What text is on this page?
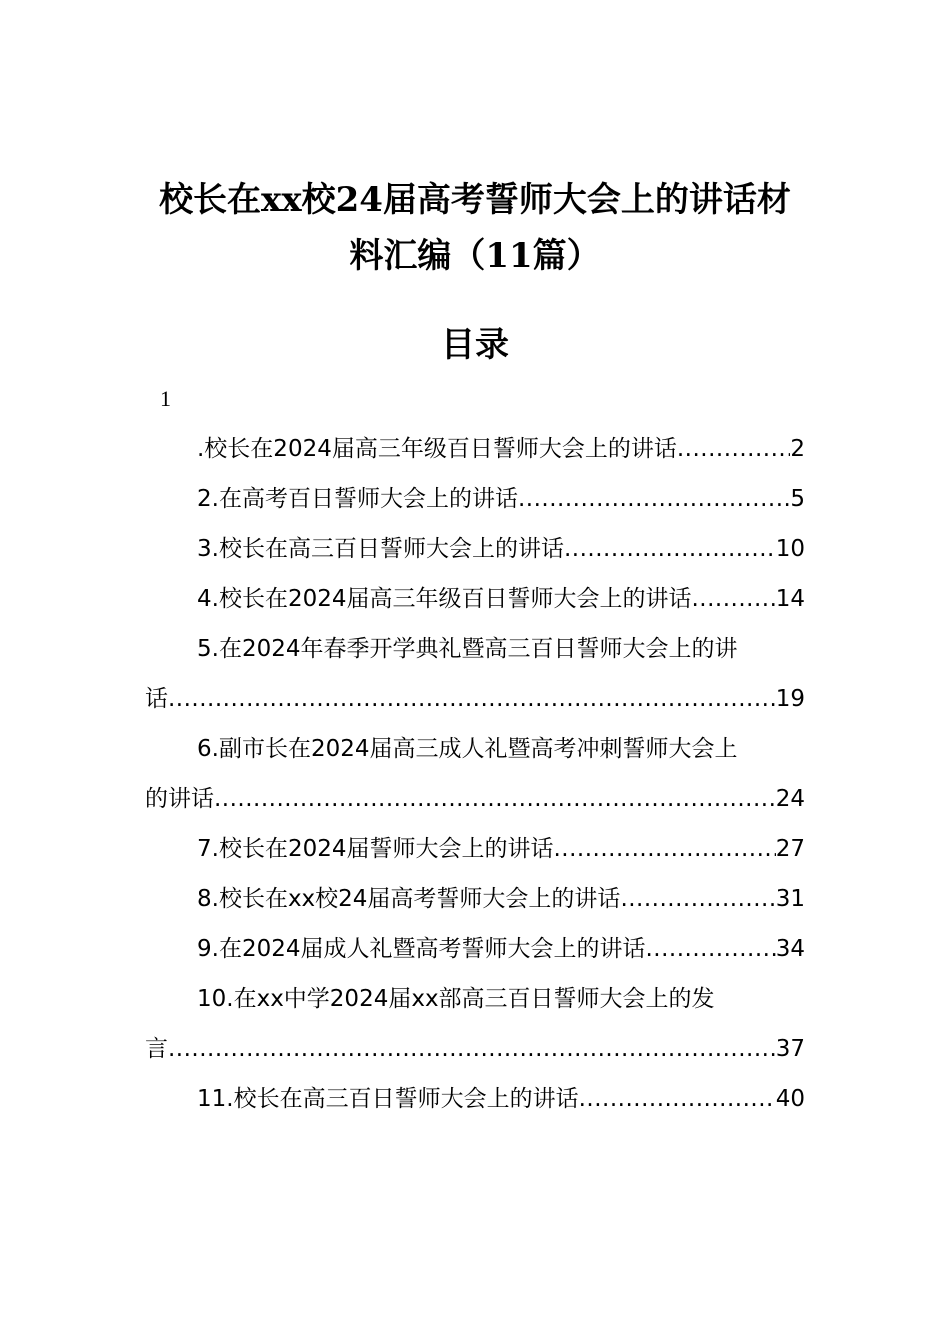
校长在xx校24届高考誓师大会上的讲话材
料汇编（11篇）
目录
1
.校长在2024届高三年级百日誓师大会上的讲话 .....	2
2.在高考百日誓师大会上的讲话 .....	5
3.校长在高三百日誓师大会上的讲话 .....	10
4.校长在2024届高三年级百日誓师大会上的讲话 .....	14
5.在2024年春季开学典礼暨高三百日誓师大会上的讲
话 .....	19
6.副市长在2024届高三成人礼暨高考冲刺誓师大会上
的讲话 .....	24
7.校长在2024届誓师大会上的讲话 .....	27
8.校长在xx校24届高考誓师大会上的讲话 .....	31
9.在2024届成人礼暨高考誓师大会上的讲话 .....	34
10.在xx中学2024届xx部高三百日誓师大会上的发
言 .....	37
11.校长在高三百日誓师大会上的讲话 .....	40
